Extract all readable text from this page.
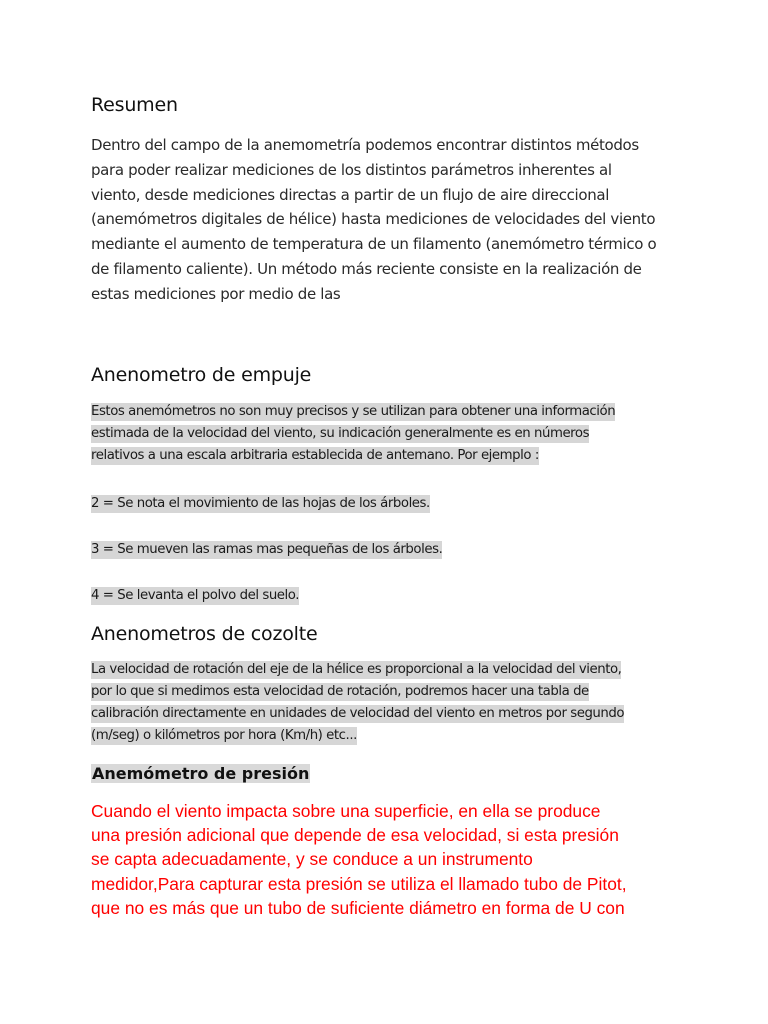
Resumen
Dentro del campo de la anemometría podemos encontrar distintos métodos
para poder realizar mediciones de los distintos parámetros inherentes al
viento, desde mediciones directas a partir de un flujo de aire direccional
(anemómetros digitales de hélice) hasta mediciones de velocidades del viento
mediante el aumento de temperatura de un filamento (anemómetro térmico o
de filamento caliente). Un método más reciente consiste en la realización de
estas mediciones por medio de las
Anenometro de empuje
Estos anemómetros no son muy precisos y se utilizan para obtener una información
estimada de la velocidad del viento, su indicación generalmente es en números
relativos a una escala arbitraria establecida de antemano. Por ejemplo :
2 = Se nota el movimiento de las hojas de los árboles.
3 = Se mueven las ramas mas pequeñas de los árboles.
4 = Se levanta el polvo del suelo.
Anenometros de cozolte
La velocidad de rotación del eje de la hélice es proporcional a la velocidad del viento,
por lo que si medimos esta velocidad de rotación, podremos hacer una tabla de
calibración directamente en unidades de velocidad del viento en metros por segundo
(m/seg) o kilómetros por hora (Km/h) etc...
Anemómetro de presión
Cuando el viento impacta sobre una superficie, en ella se produce
una presión adicional que depende de esa velocidad, si esta presión
se capta adecuadamente, y se conduce a un instrumento
medidor,Para capturar esta presión se utiliza el llamado tubo de Pitot,
que no es más que un tubo de suficiente diámetro en forma de U con
